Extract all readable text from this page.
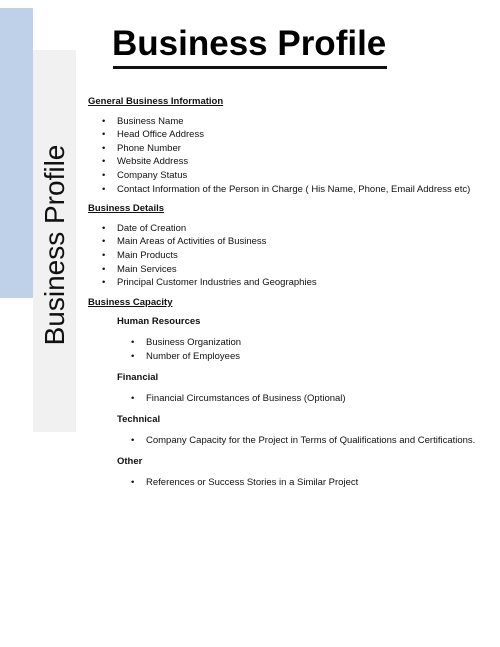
Business Profile
Business Profile
General Business Information
• Business Name
• Head Office Address
• Phone Number
• Website Address
• Company Status
• Contact Information of the Person in Charge ( His Name, Phone, Email Address etc)
Business Details
• Date of Creation
• Main Areas of Activities of Business
• Main Products
• Main Services
• Principal Customer Industries and Geographies
Business Capacity
Human Resources
• Business Organization
• Number of Employees
Financial
• Financial Circumstances of Business (Optional)
Technical
• Company Capacity for the Project in Terms of Qualifications and Certifications.
Other
• References or Success Stories in a Similar Project
